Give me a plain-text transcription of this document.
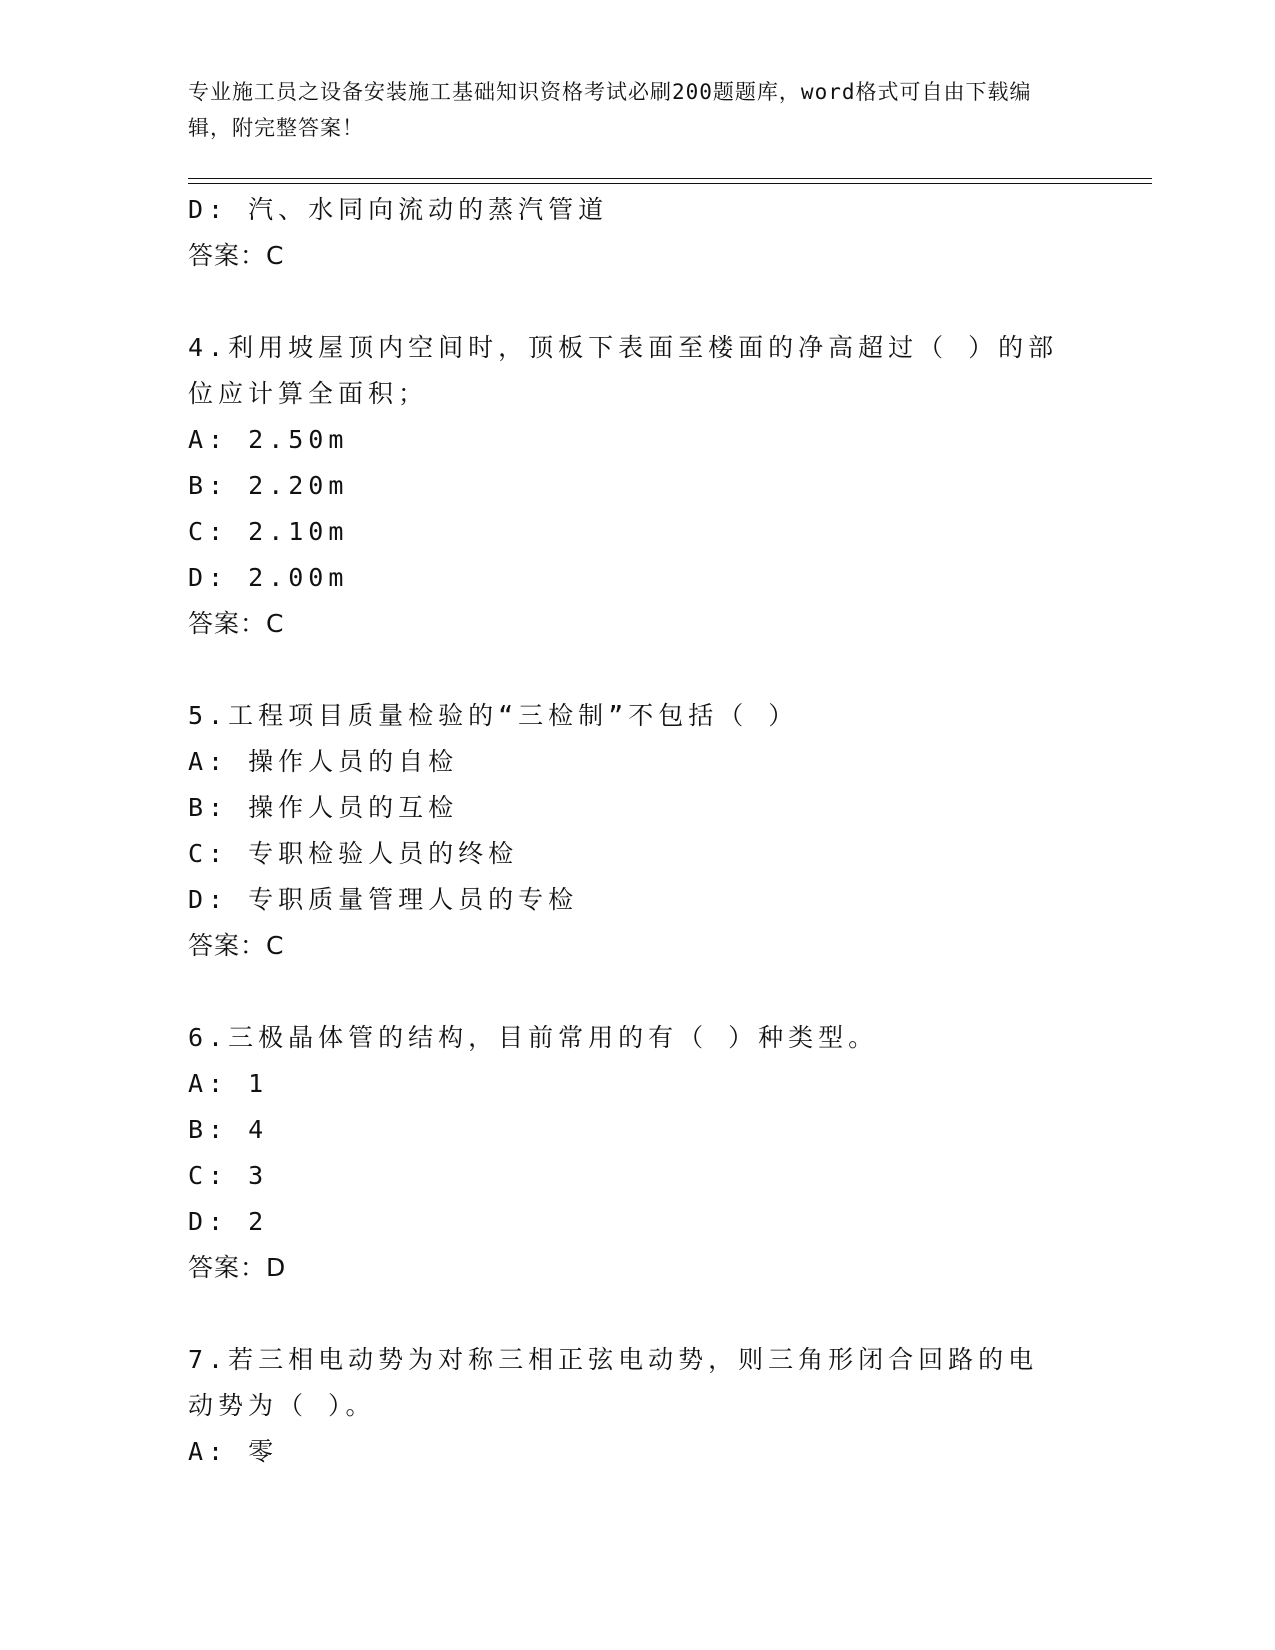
专业施工员之设备安装施工基础知识资格考试必刷200题题库，word格式可自由下载编辑，附完整答案！
D: 汽、水同向流动的蒸汽管道
答案：C
4.利用坡屋顶内空间时，顶板下表面至楼面的净高超过（ ）的部位应计算全面积；
A: 2.50m
B: 2.20m
C: 2.10m
D: 2.00m
答案：C
5.工程项目质量检验的“三检制”不包括（ ）
A: 操作人员的自检
B: 操作人员的互检
C: 专职检验人员的终检
D: 专职质量管理人员的专检
答案：C
6.三极晶体管的结构，目前常用的有（ ）种类型。
A: 1
B: 4
C: 3
D: 2
答案：D
7.若三相电动势为对称三相正弦电动势，则三角形闭合回路的电动势为（ ）。
A: 零
